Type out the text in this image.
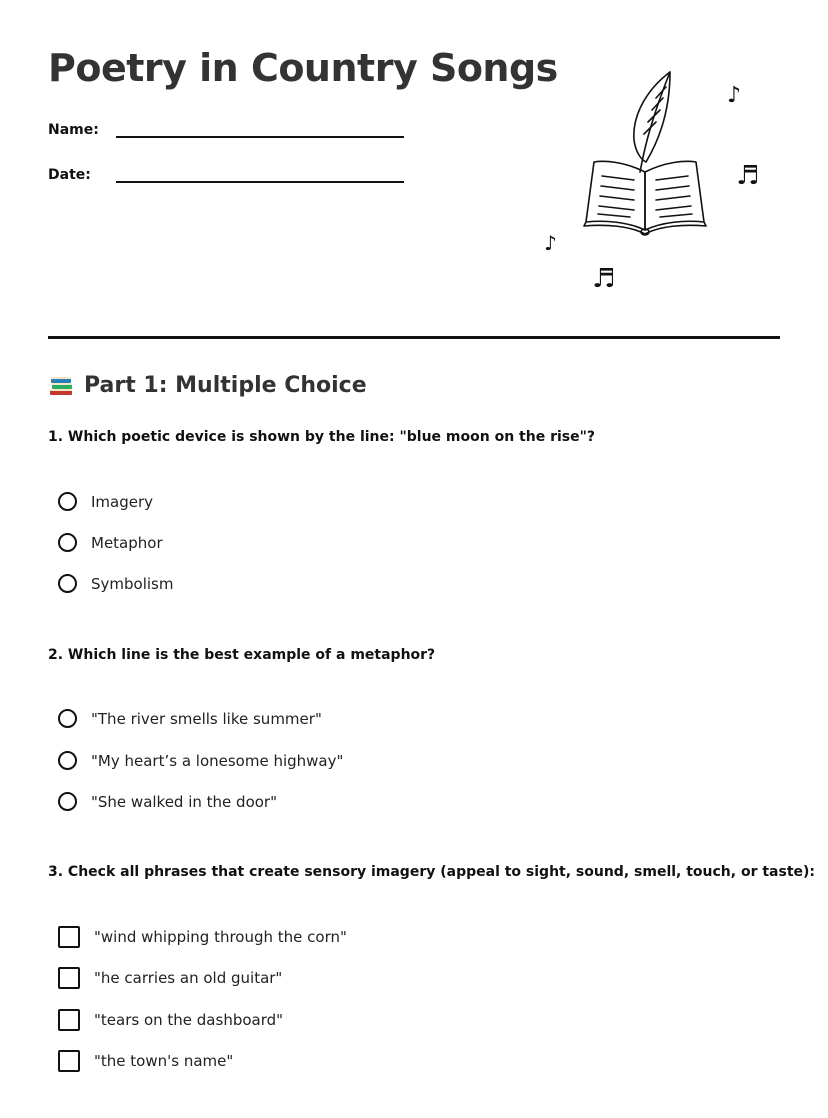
Poetry in Country Songs
Name:
Date:
♪
♬
♪
♬
Part 1: Multiple Choice

1. Which poetic device is shown by the line: "blue moon on the rise"?

Imagery
Metaphor
Symbolism

2. Which line is the best example of a metaphor?

"The river smells like summer"
"My heart’s a lonesome highway"
"She walked in the door"

3. Check all phrases that create sensory imagery (appeal to sight, sound, smell, touch, or taste):

"wind whipping through the corn"
"he carries an old guitar"
"tears on the dashboard"
"the town's name"
